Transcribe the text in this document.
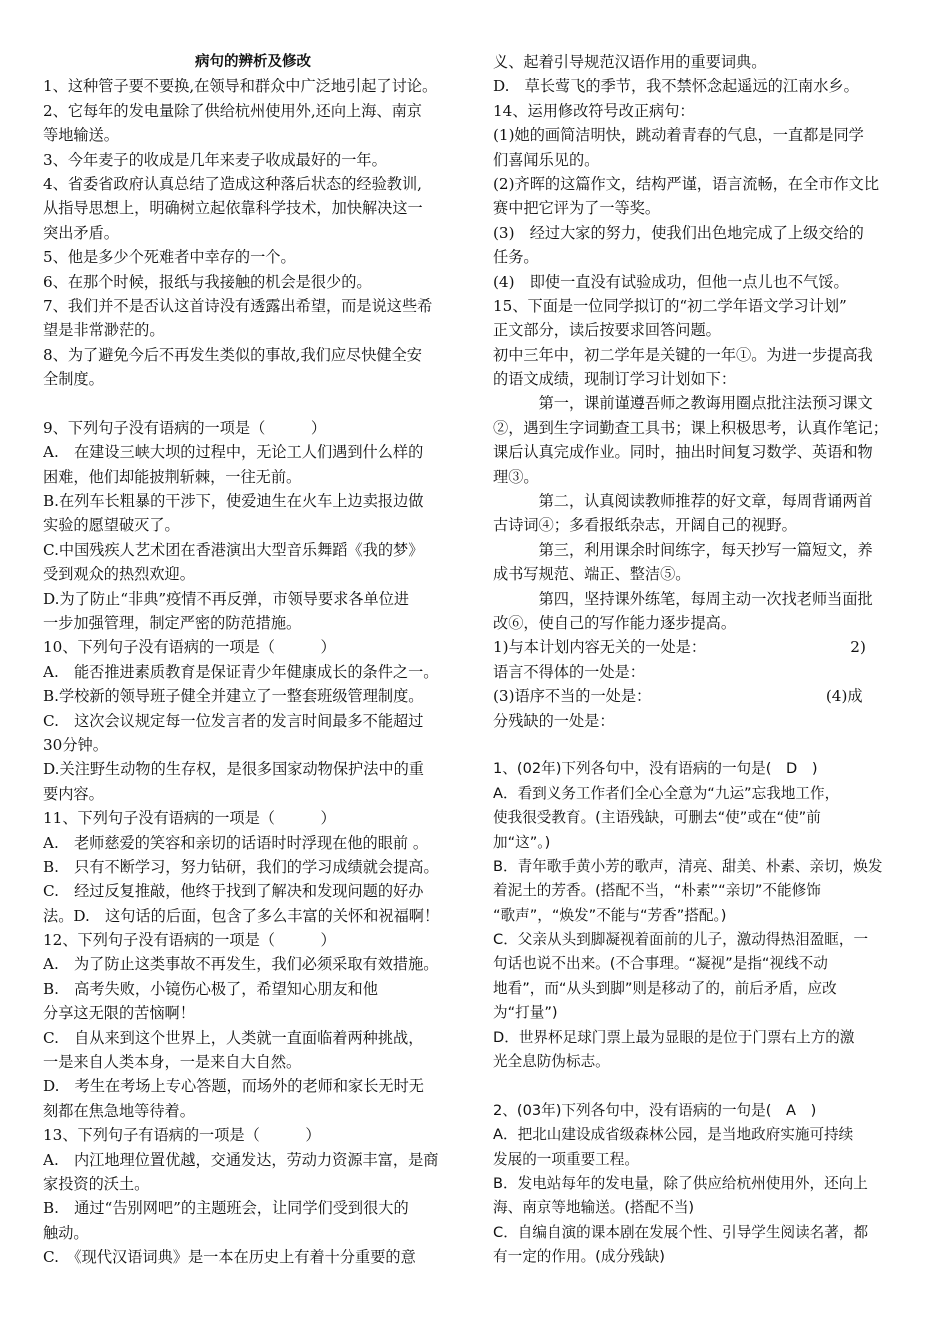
病句的辨析及修改
1、这种管子要不要换,在领导和群众中广泛地引起了讨论。
2、它每年的发电量除了供给杭州使用外,还向上海、南京
等地输送。
3、今年麦子的收成是几年来麦子收成最好的一年。
4、省委省政府认真总结了造成这种落后状态的经验教训,
从指导思想上，明确树立起依靠科学技术，加快解决这一
突出矛盾。
5、他是多少个死难者中幸存的一个。
6、在那个时候，报纸与我接触的机会是很少的。
7、我们并不是否认这首诗没有透露出希望，而是说这些希
望是非常渺茫的。
8、为了避免今后不再发生类似的事故,我们应尽快健全安
全制度。
9、下列句子没有语病的一项是（　　　）
A.　在建设三峡大坝的过程中，无论工人们遇到什么样的
困难，他们却能披荆斩棘，一往无前。
B.在列车长粗暴的干涉下，使爱迪生在火车上边卖报边做
实验的愿望破灭了。
C.中国残疾人艺术团在香港演出大型音乐舞蹈《我的梦》
受到观众的热烈欢迎。
D.为了防止“非典”疫情不再反弹，市领导要求各单位进
一步加强管理，制定严密的防范措施。
10、下列句子没有语病的一项是（　　　）
A.　能否推进素质教育是保证青少年健康成长的条件之一。
B.学校新的领导班子健全并建立了一整套班级管理制度。
C.　这次会议规定每一位发言者的发言时间最多不能超过
30分钟。
D.关注野生动物的生存权，是很多国家动物保护法中的重
要内容。
11、下列句子没有语病的一项是（　　　）
A.　老师慈爱的笑容和亲切的话语时时浮现在他的眼前 。
B.　只有不断学习，努力钻研，我们的学习成绩就会提高。
C.　经过反复推敲，他终于找到了解决和发现问题的好办
法。D.　这句话的后面，包含了多么丰富的关怀和祝福啊！
12、下列句子没有语病的一项是（　　　）
A.　为了防止这类事故不再发生，我们必须采取有效措施。
B.　高考失败，小镜伤心极了，希望知心朋友和他
分享这无限的苦恼啊！
C.　自从来到这个世界上，人类就一直面临着两种挑战，
一是来自人类本身，一是来自大自然。
D.　考生在考场上专心答题，而场外的老师和家长无时无
刻都在焦急地等待着。
13、下列句子有语病的一项是（　　　）
A.　内江地理位置优越，交通发达，劳动力资源丰富，是商
家投资的沃土。
B.　通过“告别网吧”的主题班会，让同学们受到很大的
触动。
C.　《现代汉语词典》是一本在历史上有着十分重要的意
义、起着引导规范汉语作用的重要词典。
D.　草长莺飞的季节，我不禁怀念起遥远的江南水乡。
14、运用修改符号改正病句：
(1)她的画简洁明快，跳动着青春的气息，一直都是同学
们喜闻乐见的。
(2)齐晖的这篇作文，结构严谨，语言流畅，在全市作文比
赛中把它评为了一等奖。
(3)　经过大家的努力，使我们出色地完成了上级交给的
任务。
(4)　即使一直没有试验成功，但他一点儿也不气馁。
15、下面是一位同学拟订的“初二学年语文学习计划”
正文部分，读后按要求回答问题。
初中三年中，初二学年是关键的一年①。为进一步提高我
的语文成绩，现制订学习计划如下：
　　　第一，课前谨遵吾师之教诲用圈点批注法预习课文
②，遇到生字词勤查工具书；课上积极思考，认真作笔记；
课后认真完成作业。同时，抽出时间复习数学、英语和物
理③。
　　　第二，认真阅读教师推荐的好文章，每周背诵两首
古诗词④；多看报纸杂志，开阔自己的视野。
　　　第三，利用课余时间练字，每天抄写一篇短文，养
成书写规范、端正、整洁⑤。
　　　第四，坚持课外练笔，每周主动一次找老师当面批
改⑥，使自己的写作能力逐步提高。
1)与本计划内容无关的一处是：　　　　　　　　　　2)
语言不得体的一处是：
(3)语序不当的一处是：　　　　　　　　　　　　(4)成
分残缺的一处是：
1、(02年)下列各句中，没有语病的一句是(　D　)
A．看到义务工作者们全心全意为“九运”忘我地工作，
使我很受教育。(主语残缺，可删去“使”或在“使”前
加“这”。)
B．青年歌手黄小芳的歌声，清亮、甜美、朴素、亲切，焕发
着泥土的芳香。(搭配不当，“朴素”“亲切”不能修饰
“歌声”，“焕发”不能与“芳香”搭配。)
C．父亲从头到脚凝视着面前的儿子，激动得热泪盈眶，一
句话也说不出来。(不合事理。“凝视”是指“视线不动
地看”，而“从头到脚”则是移动了的，前后矛盾，应改
为“打量”)
D．世界杯足球门票上最为显眼的是位于门票右上方的激
光全息防伪标志。
2、(03年)下列各句中，没有语病的一句是(　A　)
A．把北山建设成省级森林公园，是当地政府实施可持续
发展的一项重要工程。
B．发电站每年的发电量，除了供应给杭州使用外，还向上
海、南京等地输送。(搭配不当)
C．自编自演的课本剧在发展个性、引导学生阅读名著，都
有一定的作用。(成分残缺)
